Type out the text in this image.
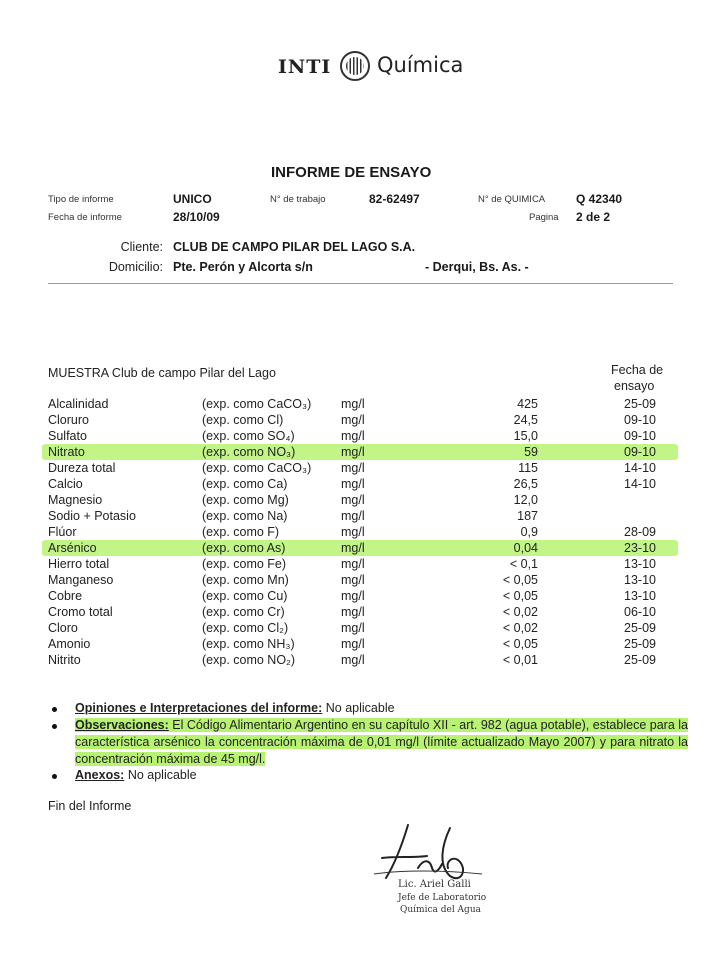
INTI Química
INFORME DE ENSAYO
Tipo de informe	UNICO	N° de trabajo	82-62497	N° de QUIMICA	Q 42340
Fecha de informe	28/10/09	Pagina 2 de 2
Cliente: CLUB DE CAMPO PILAR DEL LAGO S.A.
Domicilio: Pte. Perón y Alcorta s/n	- Derqui, Bs. As. -
MUESTRA Club de campo Pilar del Lago	Fecha de
ensayo
Alcalinidad	(exp. como CaCO₃) mg/l	425	25-09
Cloruro	(exp. como Cl)	mg/l	24,5	09-10
Sulfato	(exp. como SO₄)	mg/l	15,0	09-10
Nitrato	(exp. como NO₃)	mg/l	59	09-10
Dureza total	(exp. como CaCO₃) mg/l	115	14-10
Calcio	(exp. como Ca)	mg/l	26,5	14-10
Magnesio	(exp. como Mg)	mg/l	12,0
Sodio + Potasio	(exp. como Na)	mg/l	187
Flúor	(exp. como F)	mg/l	0,9	28-09
Arsénico	(exp. como As)	mg/l	0,04	23-10
Hierro total	(exp. como Fe)	mg/l	< 0,1	13-10
Manganeso	(exp. como Mn)	mg/l	< 0,05	13-10
Cobre	(exp. como Cu)	mg/l	< 0,05	13-10
Cromo total	(exp. como Cr)	mg/l	< 0,02	06-10
Cloro	(exp. como Cl₂)	mg/l	< 0,02	25-09
Amonio	(exp. como NH₃)	mg/l	< 0,05	25-09
Nitrito	(exp. como NO₂)	mg/l	< 0,01	25-09
Opiniones e Interpretaciones del informe: No aplicable
Observaciones: El Código Alimentario Argentino en su capítulo XII - art. 982 (agua potable), establece para la característica arsénico la concentración máxima de 0,01 mg/l (límite actualizado Mayo 2007) y para nitrato la concentración máxima de 45 mg/l.
Anexos: No aplicable
Fin del Informe
Lic. Ariel Galli
Jefe de Laboratorio
Química del Agua
